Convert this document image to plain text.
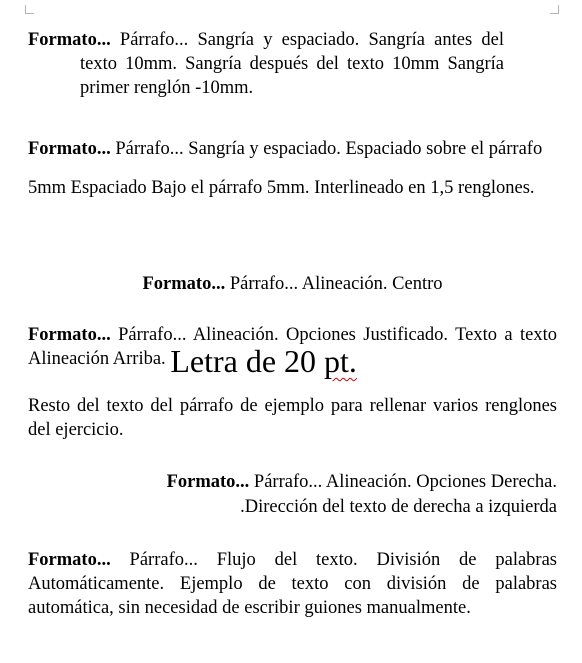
Formato... Párrafo... Sangría y espaciado. Sangría antes del texto 10mm. Sangría después del texto 10mm Sangría primer renglón -10mm.

Formato... Párrafo... Sangría y espaciado. Espaciado sobre el párrafo 5mm Espaciado Bajo el párrafo 5mm. Interlineado en 1,5 renglones.

Formato... Párrafo... Alineación. Centro

Formato... Párrafo... Alineación. Opciones Justificado. Texto a texto Alineación Arriba. Letra de 20 pt.

Resto del texto del párrafo de ejemplo para rellenar varios renglones del ejercicio.

Formato... Párrafo... Alineación. Opciones Derecha.
.Dirección del texto de derecha a izquierda

Formato... Párrafo... Flujo del texto. División de palabras Automáticamente. Ejemplo de texto con división de palabras automática, sin necesidad de escribir guiones manualmente.
